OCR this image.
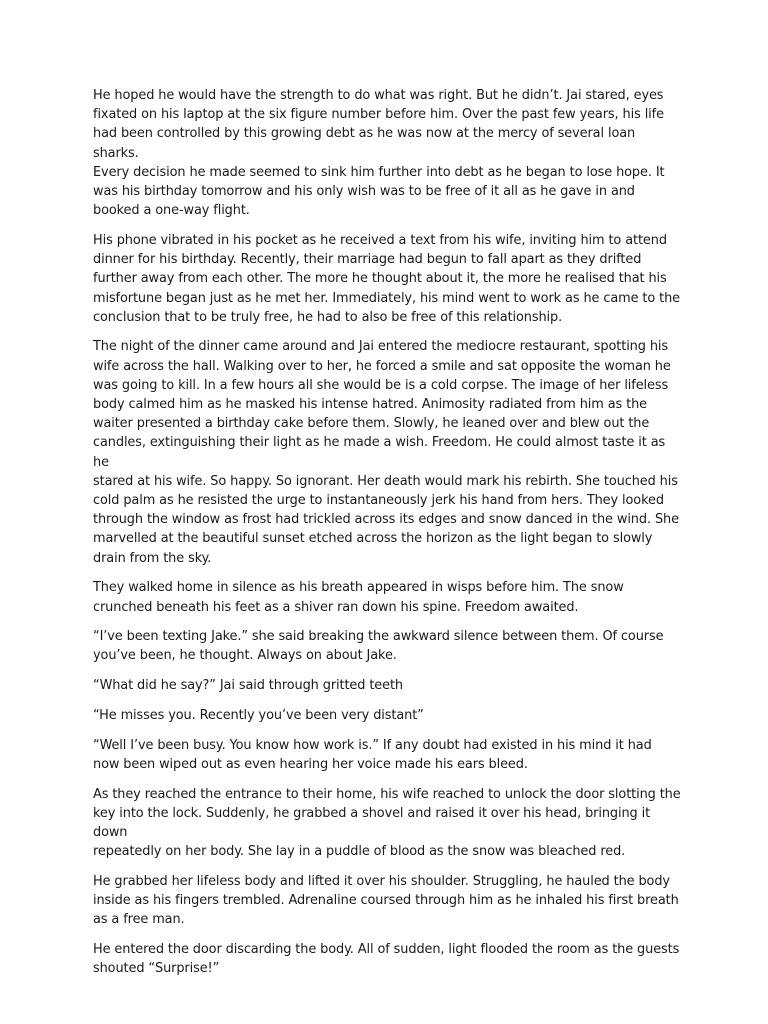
He hoped he would have the strength to do what was right. But he didn’t. Jai stared, eyes
fixated on his laptop at the six figure number before him. Over the past few years, his life
had been controlled by this growing debt as he was now at the mercy of several loan sharks.
Every decision he made seemed to sink him further into debt as he began to lose hope. It
was his birthday tomorrow and his only wish was to be free of it all as he gave in and
booked a one-way flight.

His phone vibrated in his pocket as he received a text from his wife, inviting him to attend
dinner for his birthday. Recently, their marriage had begun to fall apart as they drifted
further away from each other. The more he thought about it, the more he realised that his
misfortune began just as he met her. Immediately, his mind went to work as he came to the
conclusion that to be truly free, he had to also be free of this relationship.

The night of the dinner came around and Jai entered the mediocre restaurant, spotting his
wife across the hall. Walking over to her, he forced a smile and sat opposite the woman he
was going to kill. In a few hours all she would be is a cold corpse. The image of her lifeless
body calmed him as he masked his intense hatred. Animosity radiated from him as the
waiter presented a birthday cake before them. Slowly, he leaned over and blew out the
candles, extinguishing their light as he made a wish. Freedom. He could almost taste it as he
stared at his wife. So happy. So ignorant. Her death would mark his rebirth. She touched his
cold palm as he resisted the urge to instantaneously jerk his hand from hers. They looked
through the window as frost had trickled across its edges and snow danced in the wind. She
marvelled at the beautiful sunset etched across the horizon as the light began to slowly
drain from the sky.

They walked home in silence as his breath appeared in wisps before him. The snow
crunched beneath his feet as a shiver ran down his spine. Freedom awaited.

“I’ve been texting Jake.” she said breaking the awkward silence between them. Of course
you’ve been, he thought. Always on about Jake.

“What did he say?” Jai said through gritted teeth

“He misses you. Recently you’ve been very distant”

“Well I’ve been busy. You know how work is.” If any doubt had existed in his mind it had
now been wiped out as even hearing her voice made his ears bleed.

As they reached the entrance to their home, his wife reached to unlock the door slotting the
key into the lock. Suddenly, he grabbed a shovel and raised it over his head, bringing it down
repeatedly on her body. She lay in a puddle of blood as the snow was bleached red.

He grabbed her lifeless body and lifted it over his shoulder. Struggling, he hauled the body
inside as his fingers trembled. Adrenaline coursed through him as he inhaled his first breath
as a free man.

He entered the door discarding the body. All of sudden, light flooded the room as the guests
shouted “Surprise!”
